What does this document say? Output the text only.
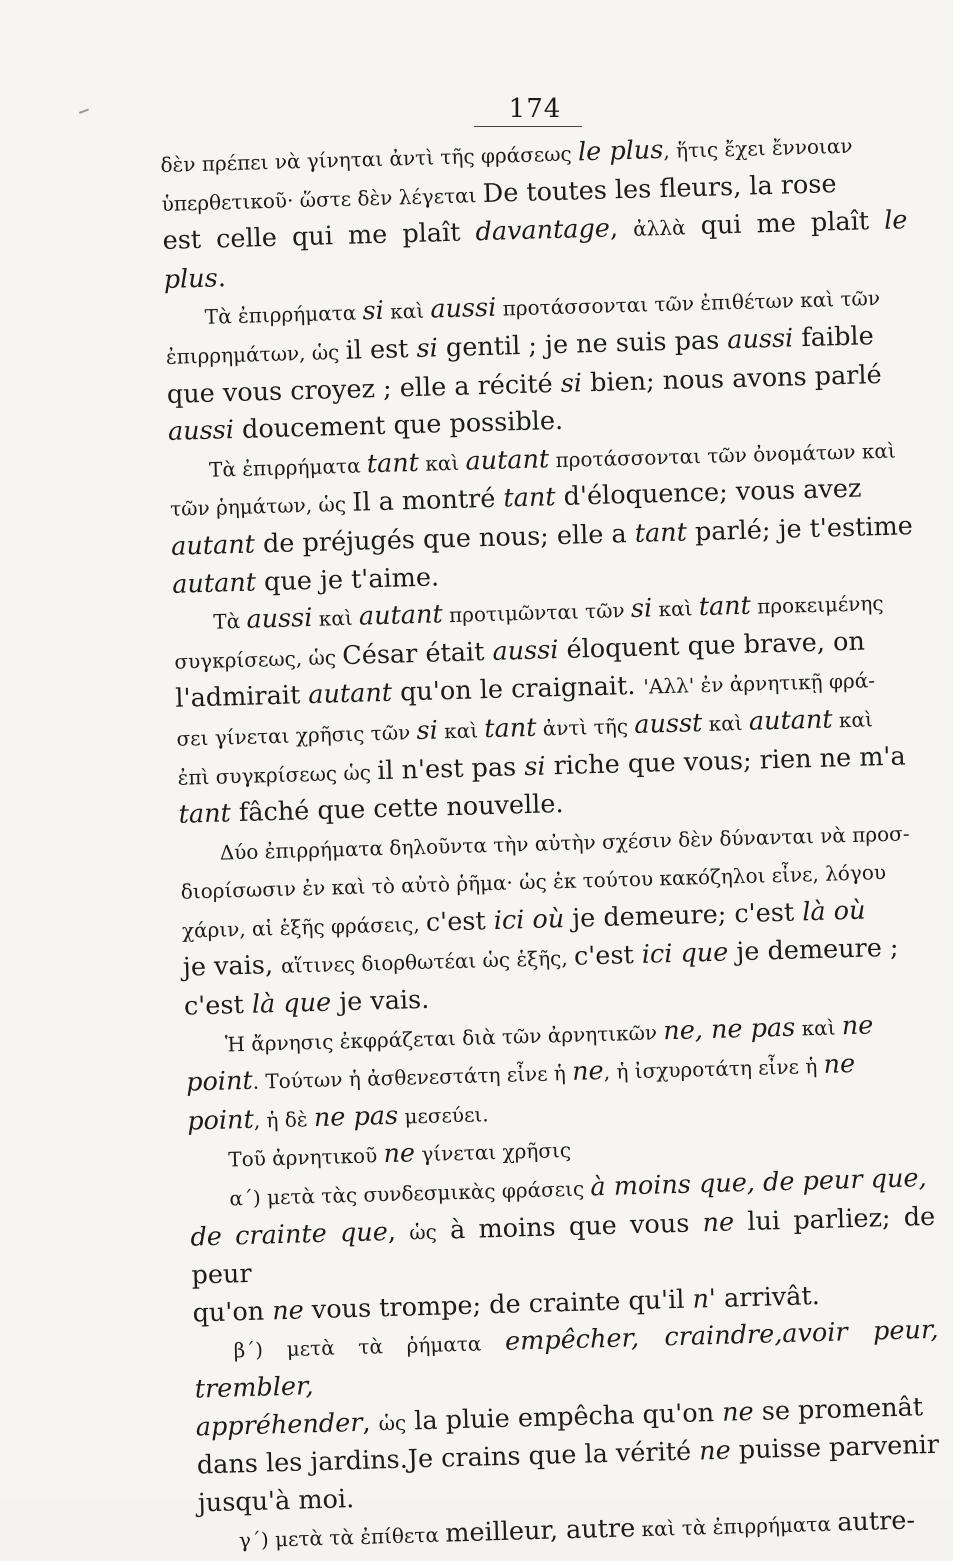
174

δὲν πρέπει νὰ γίνηται ἀντὶ τῆς φράσεως le plus, ἥτις ἔχει ἔννοιαν

ὑπερθετικοῦ· ὥστε δὲν λέγεται De toutes les fleurs, la rose

est celle qui me plaît davantage, ἀλλὰ qui me plaît le plus.

Τὰ ἐπιρρήματα si καὶ aussi προτάσσονται τῶν ἐπιθέτων καὶ τῶν

ἐπιρρημάτων, ὡς il est si gentil ; je ne suis pas aussi faible

que vous croyez ; elle a récité si bien; nous avons parlé

aussi doucement que possible.

Τὰ ἐπιρρήματα tant καὶ autant προτάσσονται τῶν ὀνομάτων καὶ

τῶν ῥημάτων, ὡς Il a montré tant d'éloquence; vous avez

autant de préjugés que nous; elle a tant parlé; je t'estime

autant que je t'aime.

Τὰ aussi καὶ autant προτιμῶνται τῶν si καὶ tant προκειμένης

συγκρίσεως, ὡς César était aussi éloquent que brave, on

l'admirait autant qu'on le craignait. 'Αλλ' ἐν ἀρνητικῇ φρά-

σει γίνεται χρῆσις τῶν si καὶ tant ἀντὶ τῆς ausst καὶ autant καὶ

ἐπὶ συγκρίσεως ὡς il n'est pas si riche que vous; rien ne m'a

tant fâché que cette nouvelle.

Δύο ἐπιρρήματα δηλοῦντα τὴν αὐτὴν σχέσιν δὲν δύνανται νὰ προσ-

διορίσωσιν ἐν καὶ τὸ αὐτὸ ῥῆμα· ὡς ἐκ τούτου κακόζηλοι εἶνε, λόγου

χάριν, αἱ ἑξῆς φράσεις, c'est ici où je demeure; c'est là où

je vais, αἵτινες διορθωτέαι ὡς ἑξῆς, c'est ici que je demeure ;

c'est là que je vais.

Ἡ ἄρνησις ἐκφράζεται διὰ τῶν ἀρνητικῶν ne, ne pas καὶ ne

point. Τούτων ἡ ἀσθενεστάτη εἶνε ἡ ne, ἡ ἰσχυροτάτη εἶνε ἡ ne

point, ἡ δὲ ne pas μεσεύει.

Τοῦ ἀρνητικοῦ ne γίνεται χρῆσις

α΄) μετὰ τὰς συνδεσμικὰς φράσεις à moins que, de peur que,

de crainte que, ὡς à moins que vous ne lui parliez; de peur

qu'on ne vous trompe; de crainte qu'il n' arrivât.

β΄) μετὰ τὰ ῥήματα empêcher, craindre,avoir peur, trembler,

appréhender, ὡς la pluie empêcha qu'on ne se promenât

dans les jardins.Je crains que la vérité ne puisse parvenir

jusqu'à moi.

γ΄) μετὰ τὰ ἐπίθετα meilleur, autre καὶ τὰ ἐπιρρήματα autre-
